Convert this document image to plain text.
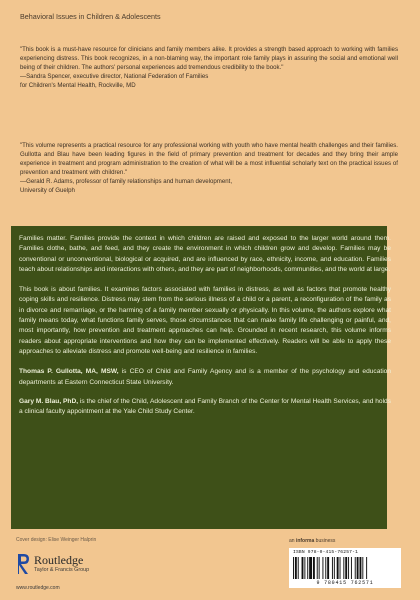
Behavioral Issues in Children & Adolescents

"This book is a must-have resource for clinicians and family members alike. It provides a strength based approach to working with families experiencing distress. This book recognizes, in a non-blaming way, the important role family plays in assuring the social and emotional well being of their children. The authors' personal experiences add tremendous credibility to the book."

—Sandra Spencer, executive director, National Federation of Families

for Children's Mental Health, Rockville, MD

"This volume represents a practical resource for any professional working with youth who have mental health challenges and their families. Gullotta and Blau have been leading figures in the field of primary prevention and treatment for decades and they bring their ample experience in treatment and program administration to the creation of what will be a most influential scholarly text on the practical issues of prevention and treatment with children."

—Gerald R. Adams, professor of family relationships and human development,

University of Guelph

Families matter. Families provide the context in which children are raised and exposed to the larger world around them. Families clothe, bathe, and feed, and they create the environment in which children grow and develop. Families may be conventional or unconventional, biological or acquired, and are influenced by race, ethnicity, income, and education. Families teach about relationships and interactions with others, and they are part of neighborhoods, communities, and the world at large.

This book is about families. It examines factors associated with families in distress, as well as factors that promote healthy coping skills and resilience. Distress may stem from the serious illness of a child or a parent, a reconfiguration of the family as in divorce and remarriage, or the harming of a family member sexually or physically. In this volume, the authors explore what family means today, what functions family serves, those circumstances that can make family life challenging or painful, and, most importantly, how prevention and treatment approaches can help. Grounded in recent research, this volume informs readers about appropriate interventions and how they can be implemented effectively. Readers will be able to apply these approaches to alleviate distress and promote well-being and resilience in families.

Thomas P. Gullotta, MA, MSW, is CEO of Child and Family Agency and is a member of the psychology and education departments at Eastern Connecticut State University.

Gary M. Blau, PhD, is the chief of the Child, Adolescent and Family Branch of the Center for Mental Health Services, and holds a clinical faculty appointment at the Yale Child Study Center.

Cover design: Elise Weinger Halprin	an informa business
Routledge
Taylor & Francis Group
www.routledge.com
ISBN 978-0-415-76257-1
9 780415 762571
